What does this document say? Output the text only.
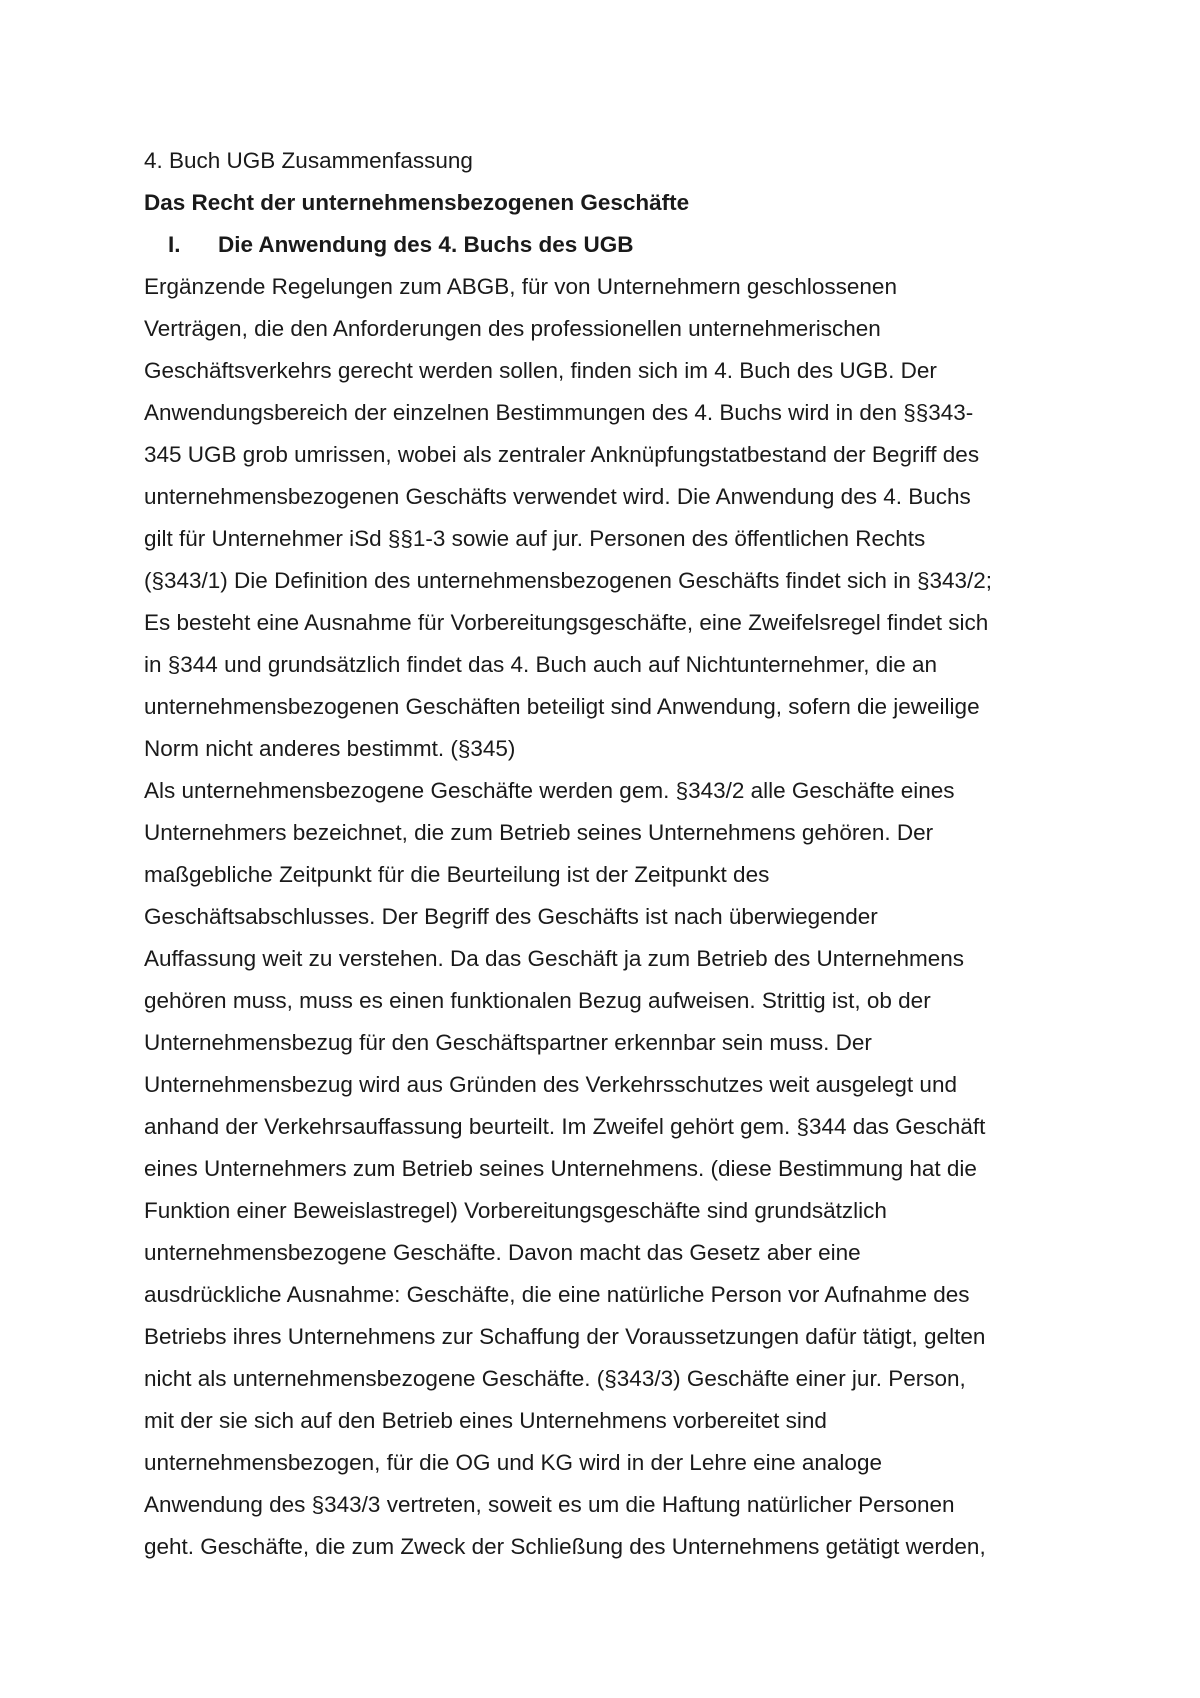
4. Buch UGB Zusammenfassung

Das Recht der unternehmensbezogenen Geschäfte

I.	Die Anwendung des 4. Buchs des UGB

Ergänzende Regelungen zum ABGB, für von Unternehmern geschlossenen
Verträgen, die den Anforderungen des professionellen unternehmerischen
Geschäftsverkehrs gerecht werden sollen, finden sich im 4. Buch des UGB. Der
Anwendungsbereich der einzelnen Bestimmungen des 4. Buchs wird in den §§343-
345 UGB grob umrissen, wobei als zentraler Anknüpfungstatbestand der Begriff des
unternehmensbezogenen Geschäfts verwendet wird. Die Anwendung des 4. Buchs
gilt für Unternehmer iSd §§1-3 sowie auf jur. Personen des öffentlichen Rechts
(§343/1) Die Definition des unternehmensbezogenen Geschäfts findet sich in §343/2;
Es besteht eine Ausnahme für Vorbereitungsgeschäfte, eine Zweifelsregel findet sich
in §344 und grundsätzlich findet das 4. Buch auch auf Nichtunternehmer, die an
unternehmensbezogenen Geschäften beteiligt sind Anwendung, sofern die jeweilige
Norm nicht anderes bestimmt. (§345)

Als unternehmensbezogene Geschäfte werden gem. §343/2 alle Geschäfte eines
Unternehmers bezeichnet, die zum Betrieb seines Unternehmens gehören. Der
maßgebliche Zeitpunkt für die Beurteilung ist der Zeitpunkt des
Geschäftsabschlusses. Der Begriff des Geschäfts ist nach überwiegender
Auffassung weit zu verstehen. Da das Geschäft ja zum Betrieb des Unternehmens
gehören muss, muss es einen funktionalen Bezug aufweisen. Strittig ist, ob der
Unternehmensbezug für den Geschäftspartner erkennbar sein muss. Der
Unternehmensbezug wird aus Gründen des Verkehrsschutzes weit ausgelegt und
anhand der Verkehrsauffassung beurteilt. Im Zweifel gehört gem. §344 das Geschäft
eines Unternehmers zum Betrieb seines Unternehmens. (diese Bestimmung hat die
Funktion einer Beweislastregel) Vorbereitungsgeschäfte sind grundsätzlich
unternehmensbezogene Geschäfte. Davon macht das Gesetz aber eine
ausdrückliche Ausnahme: Geschäfte, die eine natürliche Person vor Aufnahme des
Betriebs ihres Unternehmens zur Schaffung der Voraussetzungen dafür tätigt, gelten
nicht als unternehmensbezogene Geschäfte. (§343/3) Geschäfte einer jur. Person,
mit der sie sich auf den Betrieb eines Unternehmens vorbereitet sind
unternehmensbezogen, für die OG und KG wird in der Lehre eine analoge
Anwendung des §343/3 vertreten, soweit es um die Haftung natürlicher Personen
geht. Geschäfte, die zum Zweck der Schließung des Unternehmens getätigt werden,
